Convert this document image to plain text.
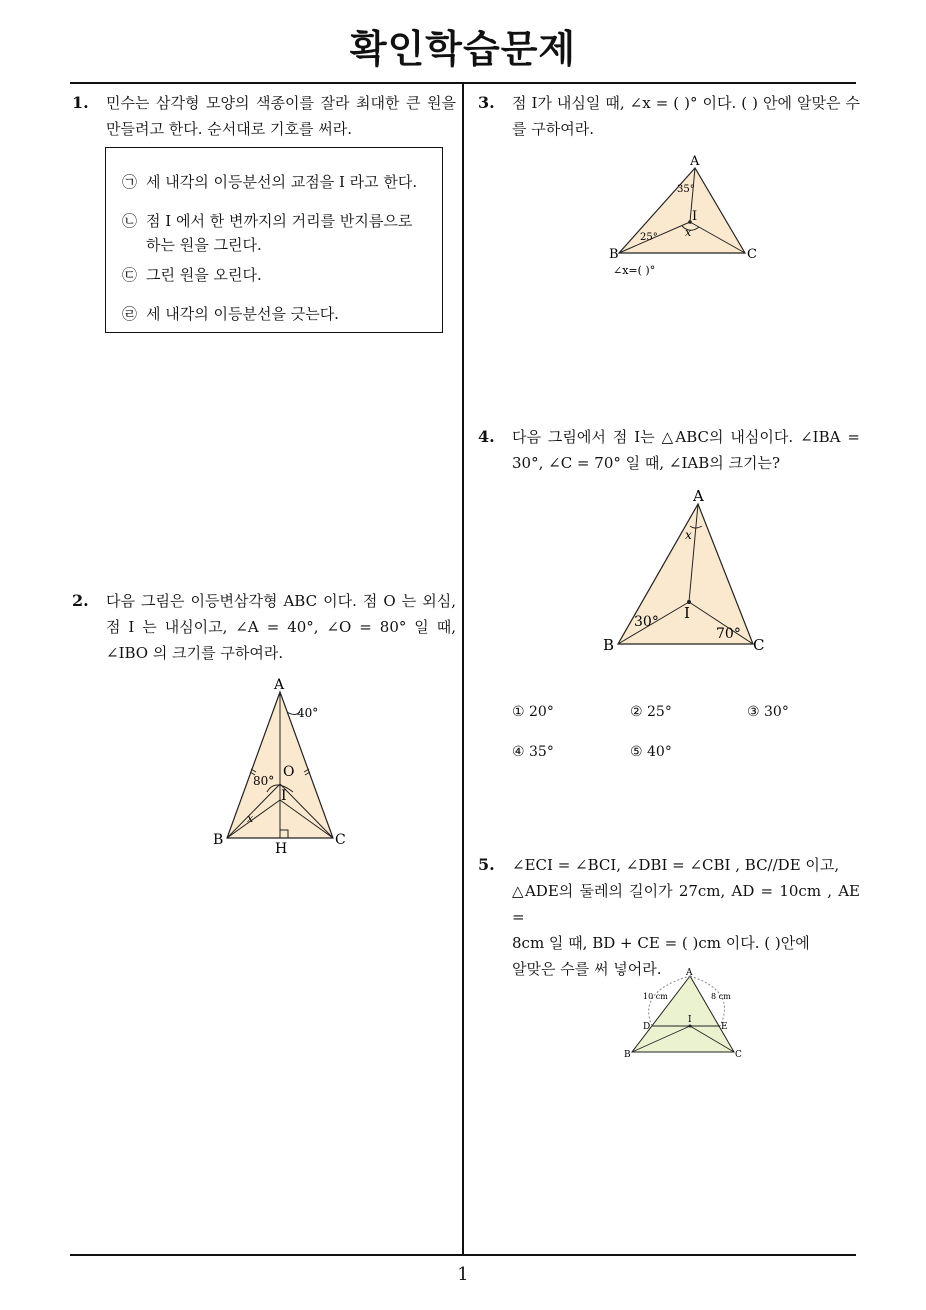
확인학습문제
1
1. 민수는 삼각형 모양의 색종이를 잘라 최대한 큰 원을 만들려고 한다. 순서대로 기호를 써라.
㉠ 세 내각의 이등분선의 교점을 I 라고 한다.
㉡ 점 I 에서 한 변까지의 거리를 반지름으로
하는 원을 그린다.
㉢ 그린 원을 오린다.
㉣ 세 내각의 이등분선을 긋는다.
2. 다음 그림은 이등변삼각형 ABC 이다. 점 O 는 외심, 점 I 는 내심이고, ∠A = 40°, ∠O = 80° 일 때, ∠IBO 의 크기를 구하여라.
A
40°
O
80°
I
x
B	C
H
3. 점 I가 내심일 때, ∠x = ( )° 이다. ( ) 안에 알맞은 수를 구하여라.
A
35°
I
25° x
B	C
∠x=( )°
4. 다음 그림에서 점 I는 △ABC의 내심이다. ∠IBA = 30°, ∠C = 70° 일 때, ∠IAB의 크기는?
A
x
I
30°
70°
B	C
① 20°	② 25°	③ 30°
④ 35°	⑤ 40°
5. ∠ECI = ∠BCI, ∠DBI = ∠CBI , BC//DE 이고,
△ADE의 둘레의 길이가 27cm, AD = 10cm , AE =
8cm 일 때, BD + CE = ( )cm 이다. ( )안에
알맞은 수를 써 넣어라.	A
10 cm	8 cm
I
D	E
B	C
